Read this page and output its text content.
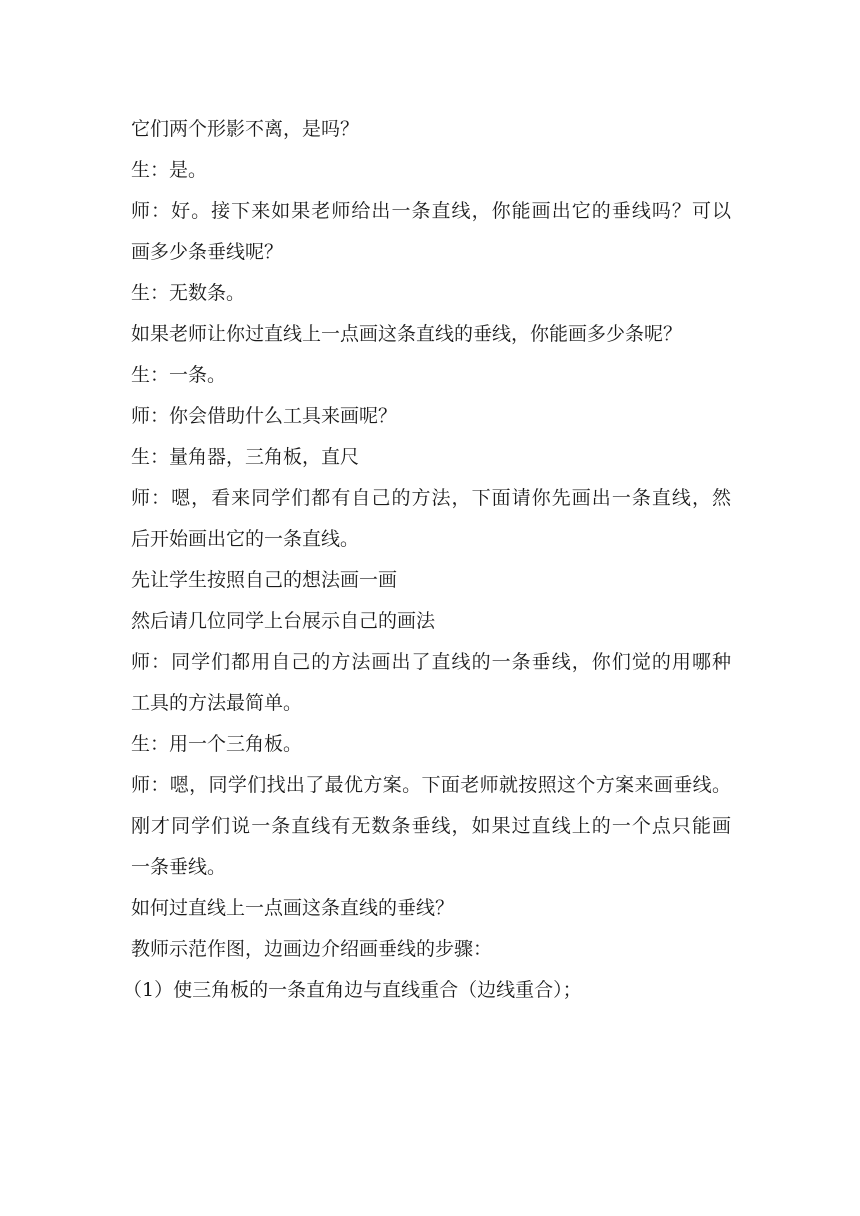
它们两个形影不离，是吗？

生：是。

师：好。接下来如果老师给出一条直线，你能画出它的垂线吗？可以
画多少条垂线呢？

生：无数条。

如果老师让你过直线上一点画这条直线的垂线，你能画多少条呢？

生：一条。

师：你会借助什么工具来画呢？

生：量角器，三角板，直尺

师：嗯，看来同学们都有自己的方法，下面请你先画出一条直线，然
后开始画出它的一条直线。

先让学生按照自己的想法画一画

然后请几位同学上台展示自己的画法

师：同学们都用自己的方法画出了直线的一条垂线，你们觉的用哪种
工具的方法最简单。

生：用一个三角板。

师：嗯，同学们找出了最优方案。下面老师就按照这个方案来画垂线。
刚才同学们说一条直线有无数条垂线，如果过直线上的一个点只能画
一条垂线。

如何过直线上一点画这条直线的垂线？

教师示范作图，边画边介绍画垂线的步骤：

（1）使三角板的一条直角边与直线重合（边线重合）；
